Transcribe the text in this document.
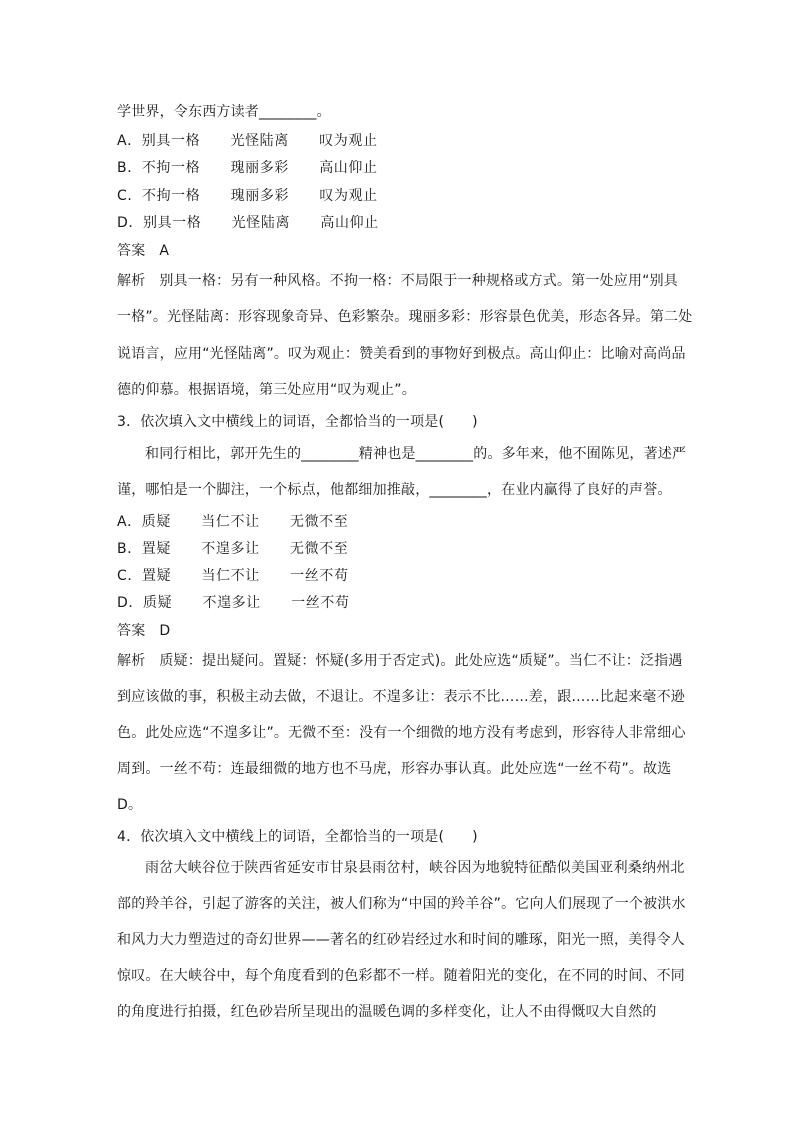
学世界，令东西方读者________。
A．别具一格      光怪陆离      叹为观止
B．不拘一格      瑰丽多彩      高山仰止
C．不拘一格      瑰丽多彩      叹为观止
D．别具一格      光怪陆离      高山仰止
答案   A
解析   别具一格：另有一种风格。不拘一格：不局限于一种规格或方式。第一处应用“别具
一格”。光怪陆离：形容现象奇异、色彩繁杂。瑰丽多彩：形容景色优美，形态各异。第二处
说语言，应用“光怪陆离”。叹为观止：赞美看到的事物好到极点。高山仰止：比喻对高尚品
德的仰慕。根据语境，第三处应用“叹为观止”。
3．依次填入文中横线上的词语，全都恰当的一项是(      )
和同行相比，郭开先生的________精神也是________的。多年来，他不囿陈见，著述严
谨，哪怕是一个脚注，一个标点，他都细加推敲，________，在业内赢得了良好的声誉。
A．质疑      当仁不让      无微不至
B．置疑      不遑多让      无微不至
C．置疑      当仁不让      一丝不苟
D．质疑      不遑多让      一丝不苟
答案   D
解析   质疑：提出疑问。置疑：怀疑(多用于否定式)。此处应选“质疑”。当仁不让：泛指遇
到应该做的事，积极主动去做，不退让。不遑多让：表示不比……差，跟……比起来毫不逊
色。此处应选“不遑多让”。无微不至：没有一个细微的地方没有考虑到，形容待人非常细心
周到。一丝不苟：连最细微的地方也不马虎，形容办事认真。此处应选“一丝不苟”。故选
D。
4．依次填入文中横线上的词语，全都恰当的一项是(      )
雨岔大峡谷位于陕西省延安市甘泉县雨岔村，峡谷因为地貌特征酷似美国亚利桑纳州北
部的羚羊谷，引起了游客的关注，被人们称为“中国的羚羊谷”。它向人们展现了一个被洪水
和风力大力塑造过的奇幻世界——著名的红砂岩经过水和时间的雕琢，阳光一照，美得令人
惊叹。在大峡谷中，每个角度看到的色彩都不一样。随着阳光的变化，在不同的时间、不同
的角度进行拍摄，红色砂岩所呈现出的温暖色调的多样变化，让人不由得慨叹大自然的
